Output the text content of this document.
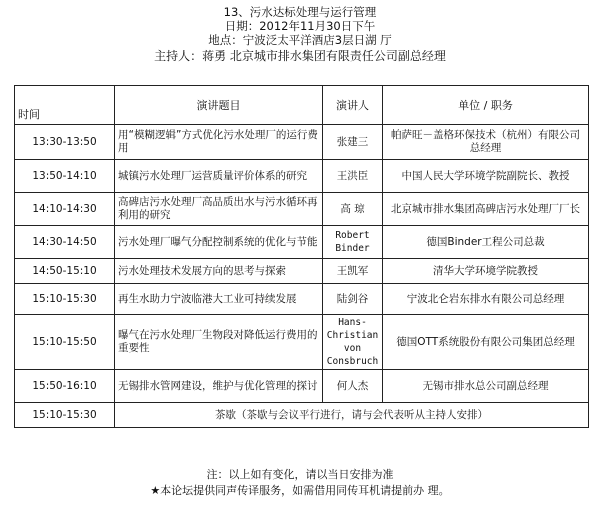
13、污水达标处理与运行管理
日期：2012年11月30日下午
地点：宁波泛太平洋酒店3层日湖 厅
主持人：蒋勇 北京城市排水集团有限责任公司副总经理
时间	演讲题目	演讲人	单位 / 职务
13:30-13:50	用“模糊逻辑”方式优化污水处理厂的运行费用	张建三	帕萨旺－盖格环保技术（杭州）有限公司总经理
13:50-14:10	城镇污水处理厂运营质量评价体系的研究	王洪臣	中国人民大学环境学院副院长、教授
14:10-14:30	高碑店污水处理厂高品质出水与污水循环再利用的研究	高 琼	北京城市排水集团高碑店污水处理厂厂长
14:30-14:50	污水处理厂曝气分配控制系统的优化与节能	Robert Binder	德国Binder工程公司总裁
14:50-15:10	污水处理技术发展方向的思考与探索	王凯军	清华大学环境学院教授
15:10-15:30	再生水助力宁波临港大工业可持续发展	陆剑谷	宁波北仑岩东排水有限公司总经理
15:10-15:50	曝气在污水处理厂生物段对降低运行费用的重要性	Hans-Christian von Consbruch	德国OTT系统股份有限公司集团总经理
15:50-16:10	无锡排水管网建设，维护与优化管理的探讨	何人杰	无锡市排水总公司副总经理
15:10-15:30	茶歇（茶歇与会议平行进行，请与会代表听从主持人安排）		
注：以上如有变化，请以当日安排为准
★本论坛提供同声传译服务，如需借用同传耳机请提前办 理。
